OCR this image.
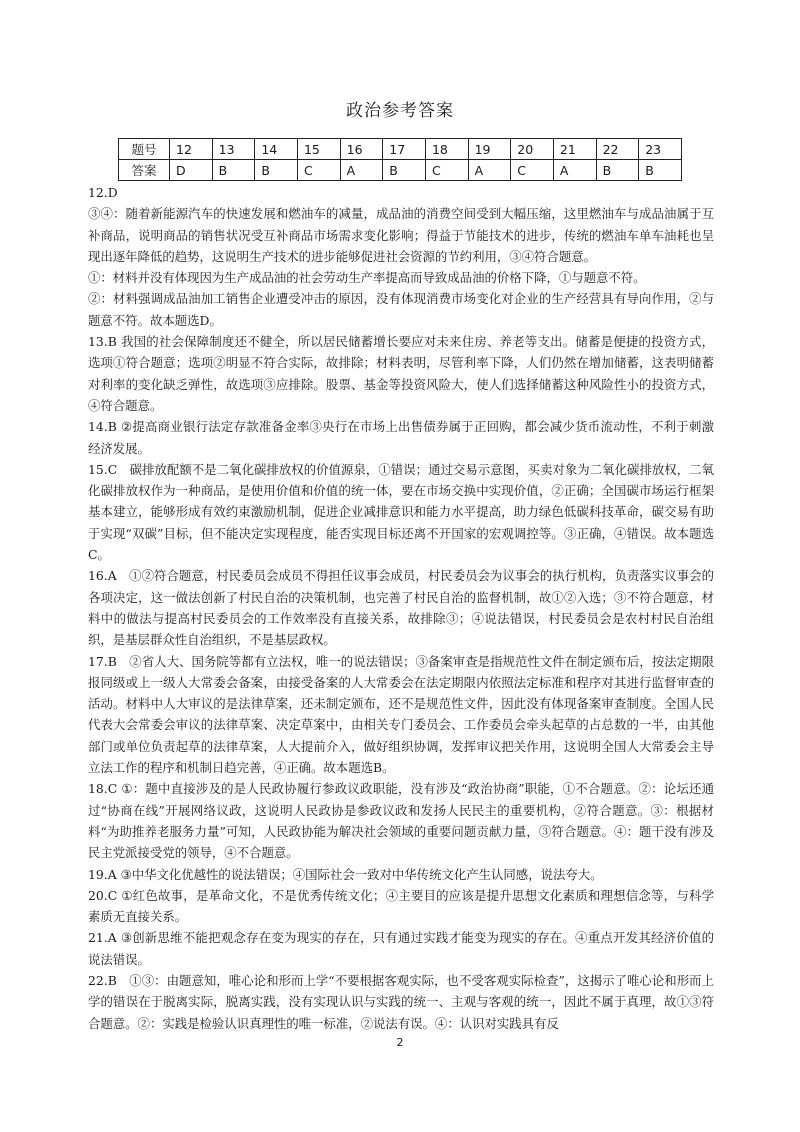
政治参考答案
题号	12	13	14	15	16	17	18	19	20	21	22	23
答案	D	B	B	C	A	B	C	A	C	A	B	B

12.D

③④：随着新能源汽车的快速发展和燃油车的减量，成品油的消费空间受到大幅压缩，这里燃油车与成品油属于互补商品，说明商品的销售状况受互补商品市场需求变化影响；得益于节能技术的进步，传统的燃油车单车油耗也呈现出逐年降低的趋势，这说明生产技术的进步能够促进社会资源的节约利用，③④符合题意。

①：材料并没有体现因为生产成品油的社会劳动生产率提高而导致成品油的价格下降，①与题意不符。

②：材料强调成品油加工销售企业遭受冲击的原因，没有体现消费市场变化对企业的生产经营具有导向作用，②与题意不符。故本题选D。

13.B 我国的社会保障制度还不健全，所以居民储蓄增长要应对未来住房、养老等支出。储蓄是便捷的投资方式，选项①符合题意；选项②明显不符合实际，故排除；材料表明，尽管利率下降，人们仍然在增加储蓄，这表明储蓄对利率的变化缺乏弹性，故选项③应排除。股票、基金等投资风险大，使人们选择储蓄这种风险性小的投资方式，④符合题意。

14.B ②提高商业银行法定存款准备金率③央行在市场上出售债券属于正回购，都会减少货币流动性，不利于刺激经济发展。

15.C　碳排放配额不是二氧化碳排放权的价值源泉，①错误；通过交易示意图，买卖对象为二氧化碳排放权，二氧化碳排放权作为一种商品，是使用价值和价值的统一体，要在市场交换中实现价值，②正确；全国碳市场运行框架基本建立，能够形成有效约束激励机制，促进企业减排意识和能力水平提高，助力绿色低碳科技革命，碳交易有助于实现“双碳”目标，但不能决定实现程度，能否实现目标还离不开国家的宏观调控等。③正确，④错误。故本题选C。

16.A　①②符合题意，村民委员会成员不得担任议事会成员，村民委员会为议事会的执行机构，负责落实议事会的各项决定，这一做法创新了村民自治的决策机制，也完善了村民自治的监督机制，故①②入选；③不符合题意，材料中的做法与提高村民委员会的工作效率没有直接关系，故排除③；④说法错误，村民委员会是农村村民自治组织，是基层群众性自治组织，不是基层政权。

17.B　②省人大、国务院等都有立法权，唯一的说法错误；③备案审查是指规范性文件在制定颁布后，按法定期限报同级或上一级人大常委会备案，由接受备案的人大常委会在法定期限内依照法定标准和程序对其进行监督审查的活动。材料中人大审议的是法律草案，还未制定颁布，还不是规范性文件，因此没有体现备案审查制度。全国人民代表大会常委会审议的法律草案、决定草案中，由相关专门委员会、工作委员会牵头起草的占总数的一半，由其他部门或单位负责起草的法律草案，人大提前介入，做好组织协调，发挥审议把关作用，这说明全国人大常委会主导立法工作的程序和机制日趋完善，④正确。故本题选B。

18.C ①：题中直接涉及的是人民政协履行参政议政职能，没有涉及“政治协商”职能，①不合题意。②：论坛还通过“协商在线”开展网络议政，这说明人民政协是参政议政和发扬人民民主的重要机构，②符合题意。③：根据材料“为助推养老服务力量”可知，人民政协能为解决社会领域的重要问题贡献力量，③符合题意。④：题干没有涉及民主党派接受党的领导，④不合题意。

19.A ③中华文化优越性的说法错误；④国际社会一致对中华传统文化产生认同感，说法夸大。

20.C ①红色故事，是革命文化，不是优秀传统文化；④主要目的应该是提升思想文化素质和理想信念等，与科学素质无直接关系。

21.A ③创新思维不能把观念存在变为现实的存在，只有通过实践才能变为现实的存在。④重点开发其经济价值的说法错误。

22.B　①③：由题意知，唯心论和形而上学“不要根据客观实际，也不受客观实际检查”，这揭示了唯心论和形而上学的错误在于脱离实际，脱离实践，没有实现认识与实践的统一、主观与客观的统一，因此不属于真理，故①③符合题意。②：实践是检验认识真理性的唯一标准，②说法有误。④：认识对实践具有反

2
